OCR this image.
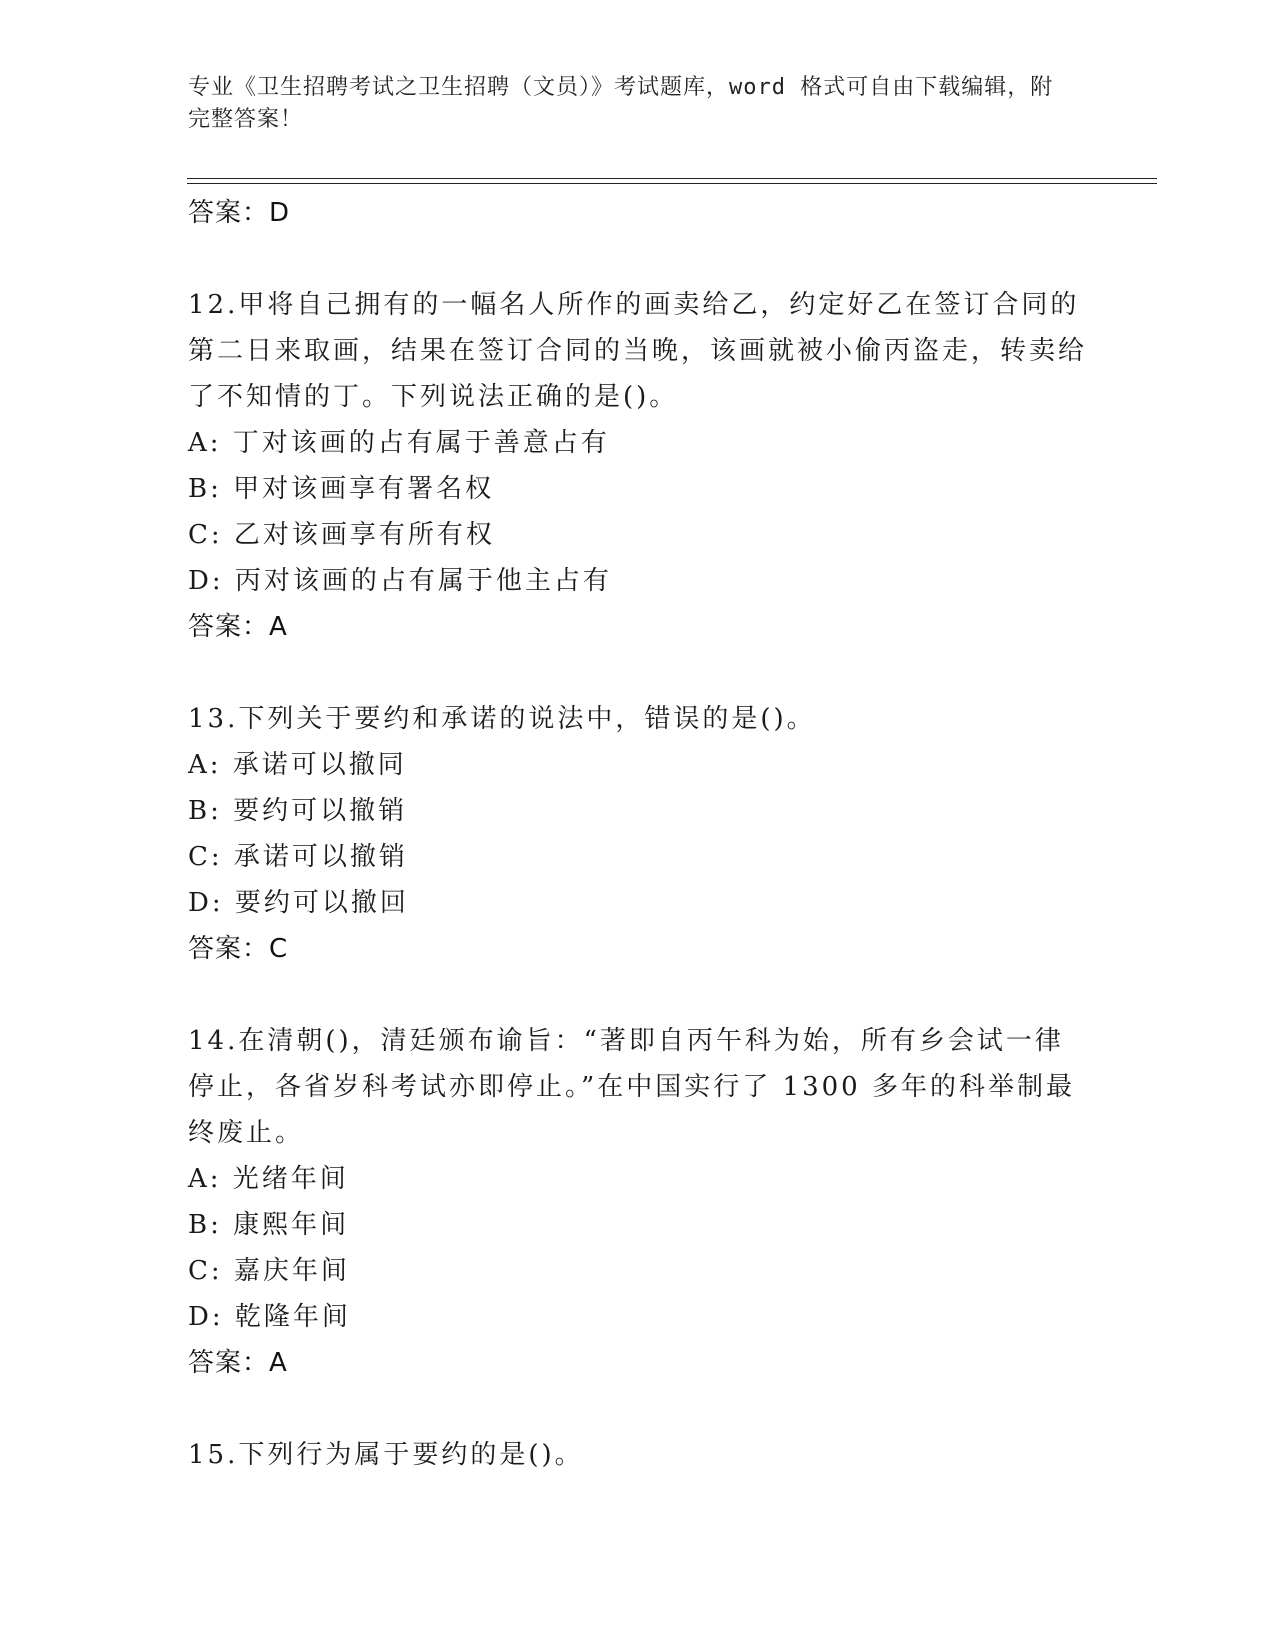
专业《卫生招聘考试之卫生招聘（文员）》考试题库，word 格式可自由下载编辑，附完整答案！

答案：D

12.甲将自己拥有的一幅名人所作的画卖给乙，约定好乙在签订合同的第二日来取画，结果在签订合同的当晚，该画就被小偷丙盗走，转卖给了不知情的丁。下列说法正确的是()。

A: 丁对该画的占有属于善意占有

B: 甲对该画享有署名权

C: 乙对该画享有所有权

D: 丙对该画的占有属于他主占有

答案：A

13.下列关于要约和承诺的说法中，错误的是()。

A: 承诺可以撤同

B: 要约可以撤销

C: 承诺可以撤销

D: 要约可以撤回

答案：C

14.在清朝()，清廷颁布谕旨：“著即自丙午科为始，所有乡会试一律停止，各省岁科考试亦即停止。”在中国实行了 1300 多年的科举制最终废止。

A: 光绪年间

B: 康熙年间

C: 嘉庆年间

D: 乾隆年间

答案：A

15.下列行为属于要约的是()。
